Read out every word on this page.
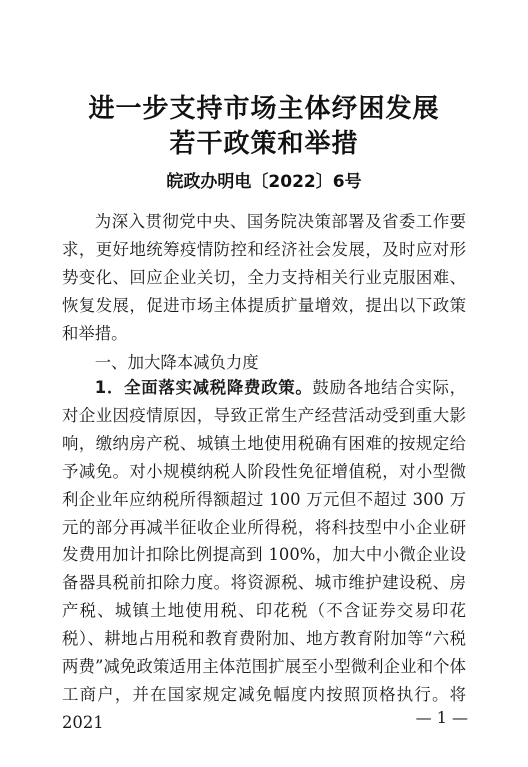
进一步支持市场主体纾困发展
若干政策和举措
皖政办明电〔2022〕6号
为深入贯彻党中央、国务院决策部署及省委工作要求，更好地统筹疫情防控和经济社会发展，及时应对形势变化、回应企业关切，全力支持相关行业克服困难、恢复发展，促进市场主体提质扩量增效，提出以下政策和举措。
一、加大降本减负力度
1．全面落实减税降费政策。鼓励各地结合实际，对企业因疫情原因，导致正常生产经营活动受到重大影响，缴纳房产税、城镇土地使用税确有困难的按规定给予减免。对小规模纳税人阶段性免征增值税，对小型微利企业年应纳税所得额超过 100 万元但不超过 300 万元的部分再减半征收企业所得税，将科技型中小企业研发费用加计扣除比例提高到 100%，加大中小微企业设备器具税前扣除力度。将资源税、城市维护建设税、房产税、城镇土地使用税、印花税（不含证券交易印花税）、耕地占用税和教育费附加、地方教育附加等“六税两费”减免政策适用主体范围扩展至小型微利企业和个体工商户，并在国家规定减免幅度内按照顶格执行。将 2021	— 1 —
